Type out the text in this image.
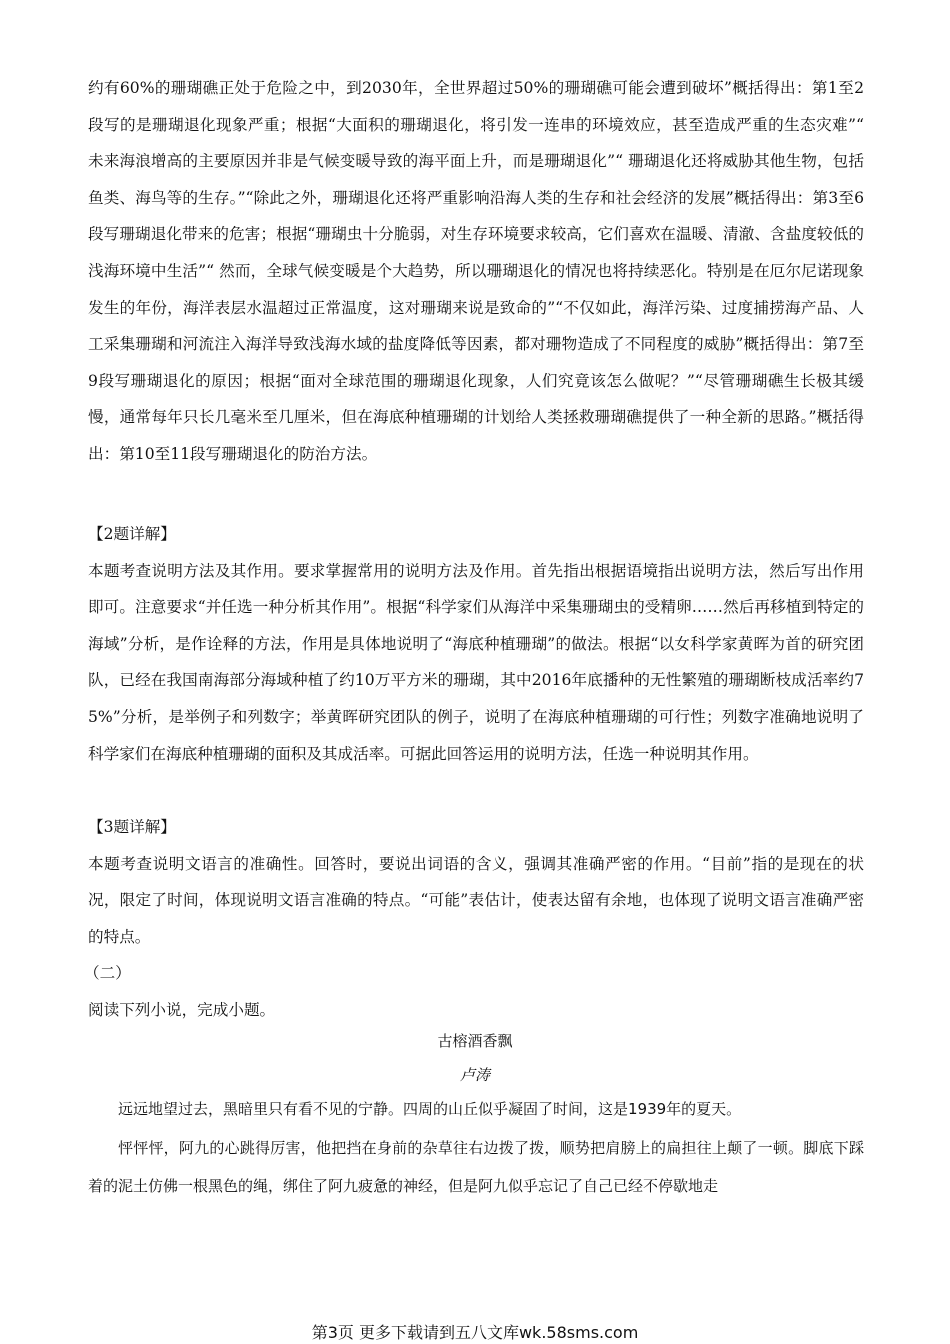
约有60%的珊瑚礁正处于危险之中，到2030年，全世界超过50%的珊瑚礁可能会遭到破坏”概括得出：第1至2段写的是珊瑚退化现象严重；根据“大面积的珊瑚退化，将引发一连串的环境效应，甚至造成严重的生态灾难”“ 未来海浪增高的主要原因并非是气候变暖导致的海平面上升，而是珊瑚退化”“ 珊瑚退化还将威胁其他生物，包括鱼类、海鸟等的生存。”“除此之外，珊瑚退化还将严重影响沿海人类的生存和社会经济的发展”概括得出：第3至6段写珊瑚退化带来的危害；根据“珊瑚虫十分脆弱，对生存环境要求较高，它们喜欢在温暖、清澈、含盐度较低的浅海环境中生活”“ 然而，全球气候变暖是个大趋势，所以珊瑚退化的情况也将持续恶化。特别是在厄尔尼诺现象发生的年份，海洋表层水温超过正常温度，这对珊瑚来说是致命的”“不仅如此，海洋污染、过度捕捞海产品、人工采集珊瑚和河流注入海洋导致浅海水域的盐度降低等因素，都对珊物造成了不同程度的威胁”概括得出：第7至9段写珊瑚退化的原因；根据“面对全球范围的珊瑚退化现象，人们究竟该怎么做呢？”“尽管珊瑚礁生长极其缓慢，通常每年只长几毫米至几厘米，但在海底种植珊瑚的计划给人类拯救珊瑚礁提供了一种全新的思路。”概括得出：第10至11段写珊瑚退化的防治方法。

【2题详解】

本题考查说明方法及其作用。要求掌握常用的说明方法及作用。首先指出根据语境指出说明方法，然后写出作用即可。注意要求“并任选一种分析其作用”。根据“科学家们从海洋中采集珊瑚虫的受精卵……然后再移植到特定的海域”分析，是作诠释的方法，作用是具体地说明了“海底种植珊瑚”的做法。根据“以女科学家黄晖为首的研究团队，已经在我国南海部分海域种植了约10万平方米的珊瑚，其中2016年底播种的无性繁殖的珊瑚断枝成活率约75%”分析，是举例子和列数字；举黄晖研究团队的例子，说明了在海底种植珊瑚的可行性；列数字准确地说明了科学家们在海底种植珊瑚的面积及其成活率。可据此回答运用的说明方法，任选一种说明其作用。

【3题详解】

本题考查说明文语言的准确性。回答时，要说出词语的含义，强调其准确严密的作用。“目前”指的是现在的状况，限定了时间，体现说明文语言准确的特点。“可能”表估计，使表达留有余地，也体现了说明文语言准确严密的特点。

（二）

阅读下列小说，完成小题。

古榕酒香飘

卢涛

远远地望过去，黑暗里只有看不见的宁静。四周的山丘似乎凝固了时间，这是1939年的夏天。

怦怦怦，阿九的心跳得厉害，他把挡在身前的杂草往右边拨了拨，顺势把肩膀上的扁担往上颠了一顿。脚底下踩着的泥土仿佛一根黑色的绳，绑住了阿九疲惫的神经，但是阿九似乎忘记了自己已经不停歇地走

第3页 更多下载请到五八文库wk.58sms.com
